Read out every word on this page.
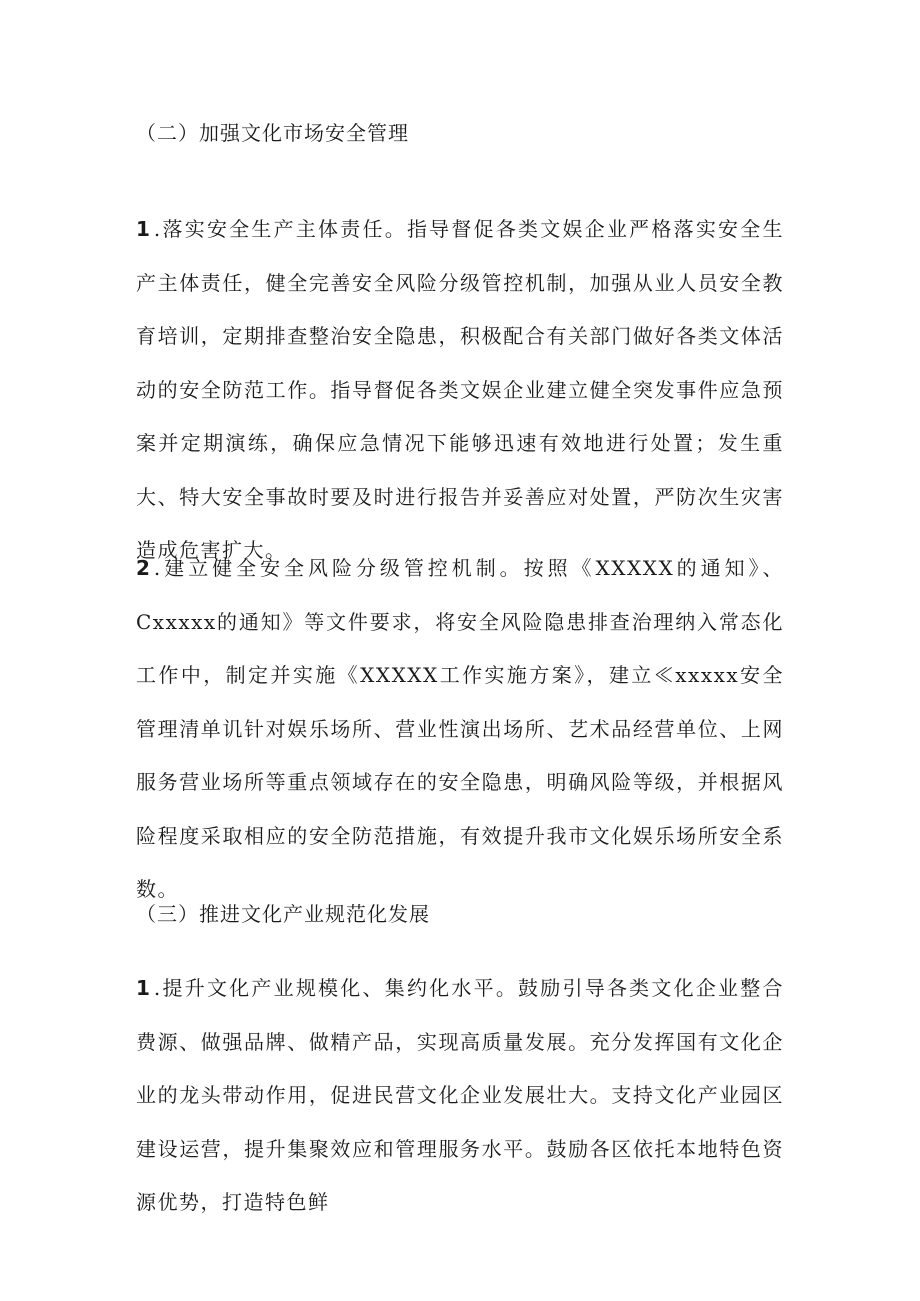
（二）加强文化市场安全管理
1 .落实安全生产主体责任。指导督促各类文娱企业严格落实安全生产主体责任，健全完善安全风险分级管控机制，加强从业人员安全教育培训，定期排查整治安全隐患，积极配合有关部门做好各类文体活动的安全防范工作。指导督促各类文娱企业建立健全突发事件应急预案并定期演练，确保应急情况下能够迅速有效地进行处置；发生重大、特大安全事故时要及时进行报告并妥善应对处置，严防次生灾害造成危害扩大。
2 .建立健全安全风险分级管控机制。按照《XXXXX的通知》、Cxxxxx的通知》等文件要求，将安全风险隐患排查治理纳入常态化工作中，制定并实施《XXXXX工作实施方案》，建立≪xxxxx安全管理清单讥针对娱乐场所、营业性演出场所、艺术品经营单位、上网服务营业场所等重点领域存在的安全隐患，明确风险等级，并根据风险程度采取相应的安全防范措施，有效提升我市文化娱乐场所安全系数。
（三）推进文化产业规范化发展
1 .提升文化产业规模化、集约化水平。鼓励引导各类文化企业整合费源、做强品牌、做精产品，实现高质量发展。充分发挥国有文化企业的龙头带动作用，促进民营文化企业发展壮大。支持文化产业园区建设运营，提升集聚效应和管理服务水平。鼓励各区依托本地特色资源优势，打造特色鲜
